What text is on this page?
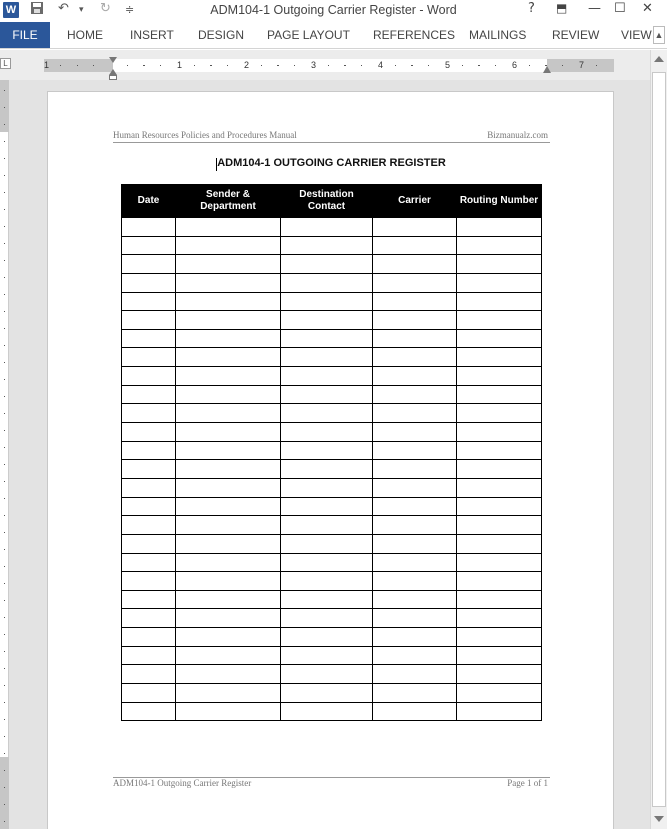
W	↶ ▾ ↻ ≑	ADM104-1 Outgoing Carrier Register - Word	? ⬒ — ☐ ✕
FILE	HOME INSERT DESIGN PAGE LAYOUT REFERENCES MAILINGS REVIEW VIEW ▲
L	1	1	2	3	4	5	6	7
Human Resources Policies and Procedures Manual	Bizmanualz.com
ADM104-1 OUTGOING CARRIER REGISTER
Date	Sender & Department	Destination Contact	Carrier	Routing Number

ADM104-1 Outgoing Carrier Register	Page 1 of 1
